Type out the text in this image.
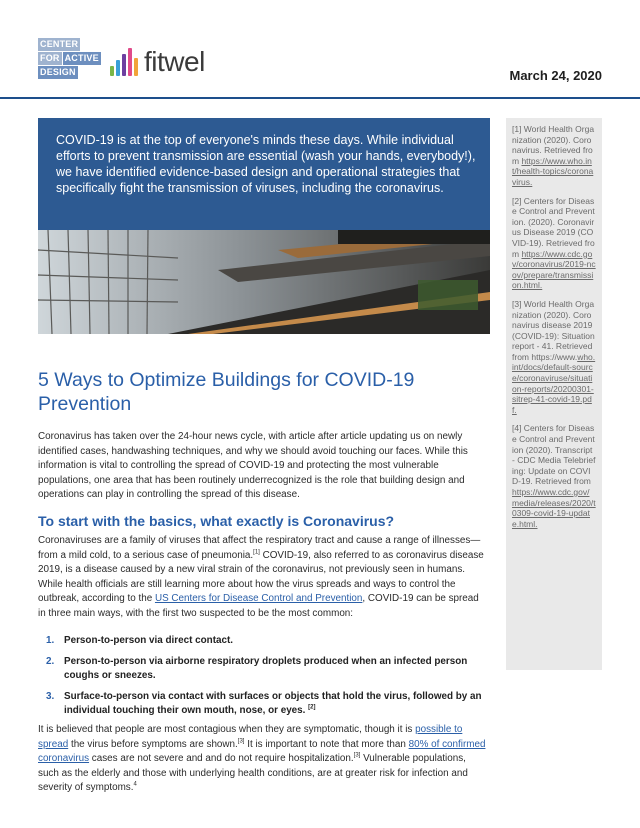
CENTER
FOR ACTIVE
DESIGN fitwel	March 24, 2020
COVID-19 is at the top of everyone's minds these days. While individual efforts to prevent transmission are essential (wash your hands, everybody!), we have identified evidence-based design and operational strategies that specifically fight the transmission of viruses, including the coronavirus.
[1] World Health Organization (2020). Coronavirus. Retrieved from https://www.who.int/health-topics/coronavirus.
[2] Centers for Disease Control and Prevention. (2020). Coronavirus Disease 2019 (COVID-19). Retrieved from https://www.cdc.gov/coronavirus/2019-ncov/prepare/transmission.html.
[3] World Health Organization (2020). Coronavirus disease 2019 (COVID-19): Situation report - 41. Retrieved from https://www.who.int/docs/default-source/coronaviruse/situation-reports/20200301-sitrep-41-covid-19.pdf.
[4] Centers for Disease Control and Prevention (2020). Transcript - CDC Media Telebriefing: Update on COVID-19. Retrieved from https://www.cdc.gov/media/releases/2020/t0309-covid-19-update.html.
5 Ways to Optimize Buildings for COVID-19 Prevention

Coronavirus has taken over the 24-hour news cycle, with article after article updating us on newly identified cases, handwashing techniques, and why we should avoid touching our faces. While this information is vital to controlling the spread of COVID-19 and protecting the most vulnerable populations, one area that has been routinely underrecognized is the role that building design and operations can play in controlling the spread of this disease.

To start with the basics, what exactly is Coronavirus?

Coronaviruses are a family of viruses that affect the respiratory tract and cause a range of illnesses—from a mild cold, to a serious case of pneumonia.[1] COVID-19, also referred to as coronavirus disease 2019, is a disease caused by a new viral strain of the coronavirus, not previously seen in humans. While health officials are still learning more about how the virus spreads and ways to control the outbreak, according to the US Centers for Disease Control and Prevention, COVID-19 can be spread in three main ways, with the first two suspected to be the most common:

1. Person-to-person via direct contact.
2. Person-to-person via airborne respiratory droplets produced when an infected person coughs or sneezes.
3. Surface-to-person via contact with surfaces or objects that hold the virus, followed by an individual touching their own mouth, nose, or eyes. [2]

It is believed that people are most contagious when they are symptomatic, though it is possible to spread the virus before symptoms are shown.[3] It is important to note that more than 80% of confirmed coronavirus cases are not severe and and do not require hospitalization.[3] Vulnerable populations, such as the elderly and those with underlying health conditions, are at greater risk for infection and severity of symptoms.$^4$
